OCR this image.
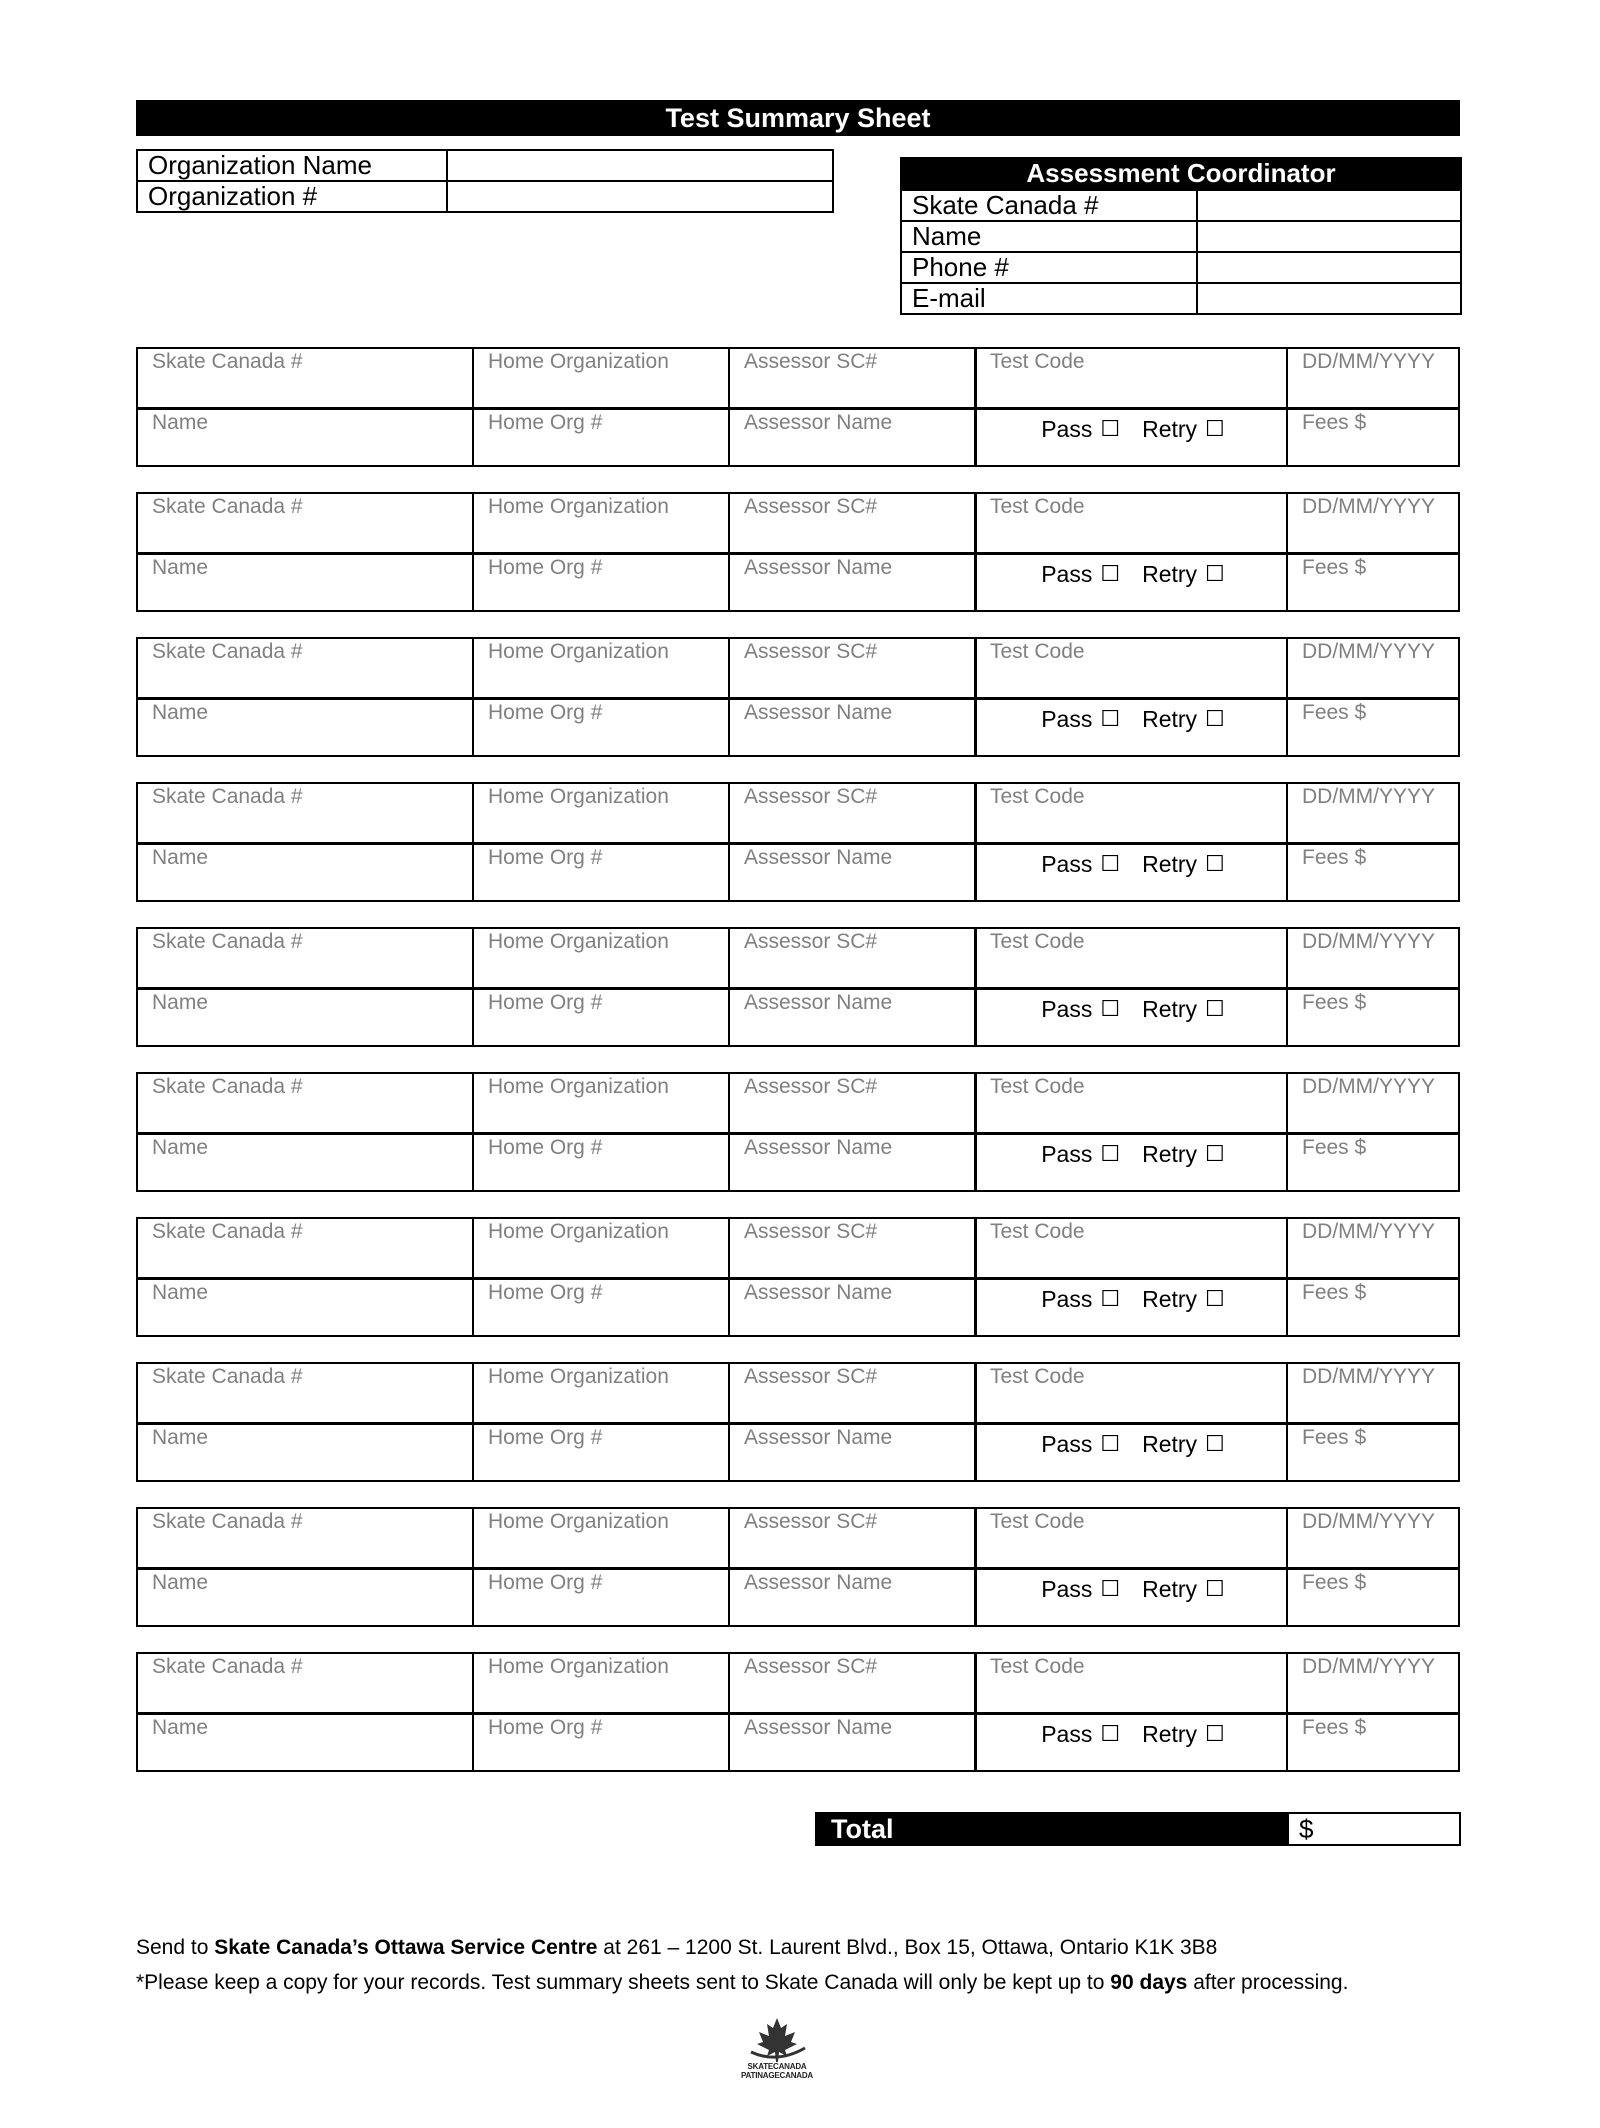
Test Summary Sheet
Organization Name	
Organization #	
Assessment Coordinator
Skate Canada #	
Name	
Phone #	
E-mail	
Skate Canada #	Home Organization	Assessor SC#	Test Code	DD/MM/YYYY
Name	Home Org #	Assessor Name	Pass ☐ Retry ☐	Fees $
Skate Canada #	Home Organization	Assessor SC#	Test Code	DD/MM/YYYY
Name	Home Org #	Assessor Name	Pass ☐ Retry ☐	Fees $
Skate Canada #	Home Organization	Assessor SC#	Test Code	DD/MM/YYYY
Name	Home Org #	Assessor Name	Pass ☐ Retry ☐	Fees $
Skate Canada #	Home Organization	Assessor SC#	Test Code	DD/MM/YYYY
Name	Home Org #	Assessor Name	Pass ☐ Retry ☐	Fees $
Skate Canada #	Home Organization	Assessor SC#	Test Code	DD/MM/YYYY
Name	Home Org #	Assessor Name	Pass ☐ Retry ☐	Fees $
Skate Canada #	Home Organization	Assessor SC#	Test Code	DD/MM/YYYY
Name	Home Org #	Assessor Name	Pass ☐ Retry ☐	Fees $
Skate Canada #	Home Organization	Assessor SC#	Test Code	DD/MM/YYYY
Name	Home Org #	Assessor Name	Pass ☐ Retry ☐	Fees $
Skate Canada #	Home Organization	Assessor SC#	Test Code	DD/MM/YYYY
Name	Home Org #	Assessor Name	Pass ☐ Retry ☐	Fees $
Skate Canada #	Home Organization	Assessor SC#	Test Code	DD/MM/YYYY
Name	Home Org #	Assessor Name	Pass ☐ Retry ☐	Fees $
Skate Canada #	Home Organization	Assessor SC#	Test Code	DD/MM/YYYY
Name	Home Org #	Assessor Name	Pass ☐ Retry ☐	Fees $
Total	$
Send to Skate Canada’s Ottawa Service Centre at 261 – 1200 St. Laurent Blvd., Box 15, Ottawa, Ontario K1K 3B8
*Please keep a copy for your records. Test summary sheets sent to Skate Canada will only be kept up to 90 days after processing.
SKATECANADA
PATINAGECANADA
